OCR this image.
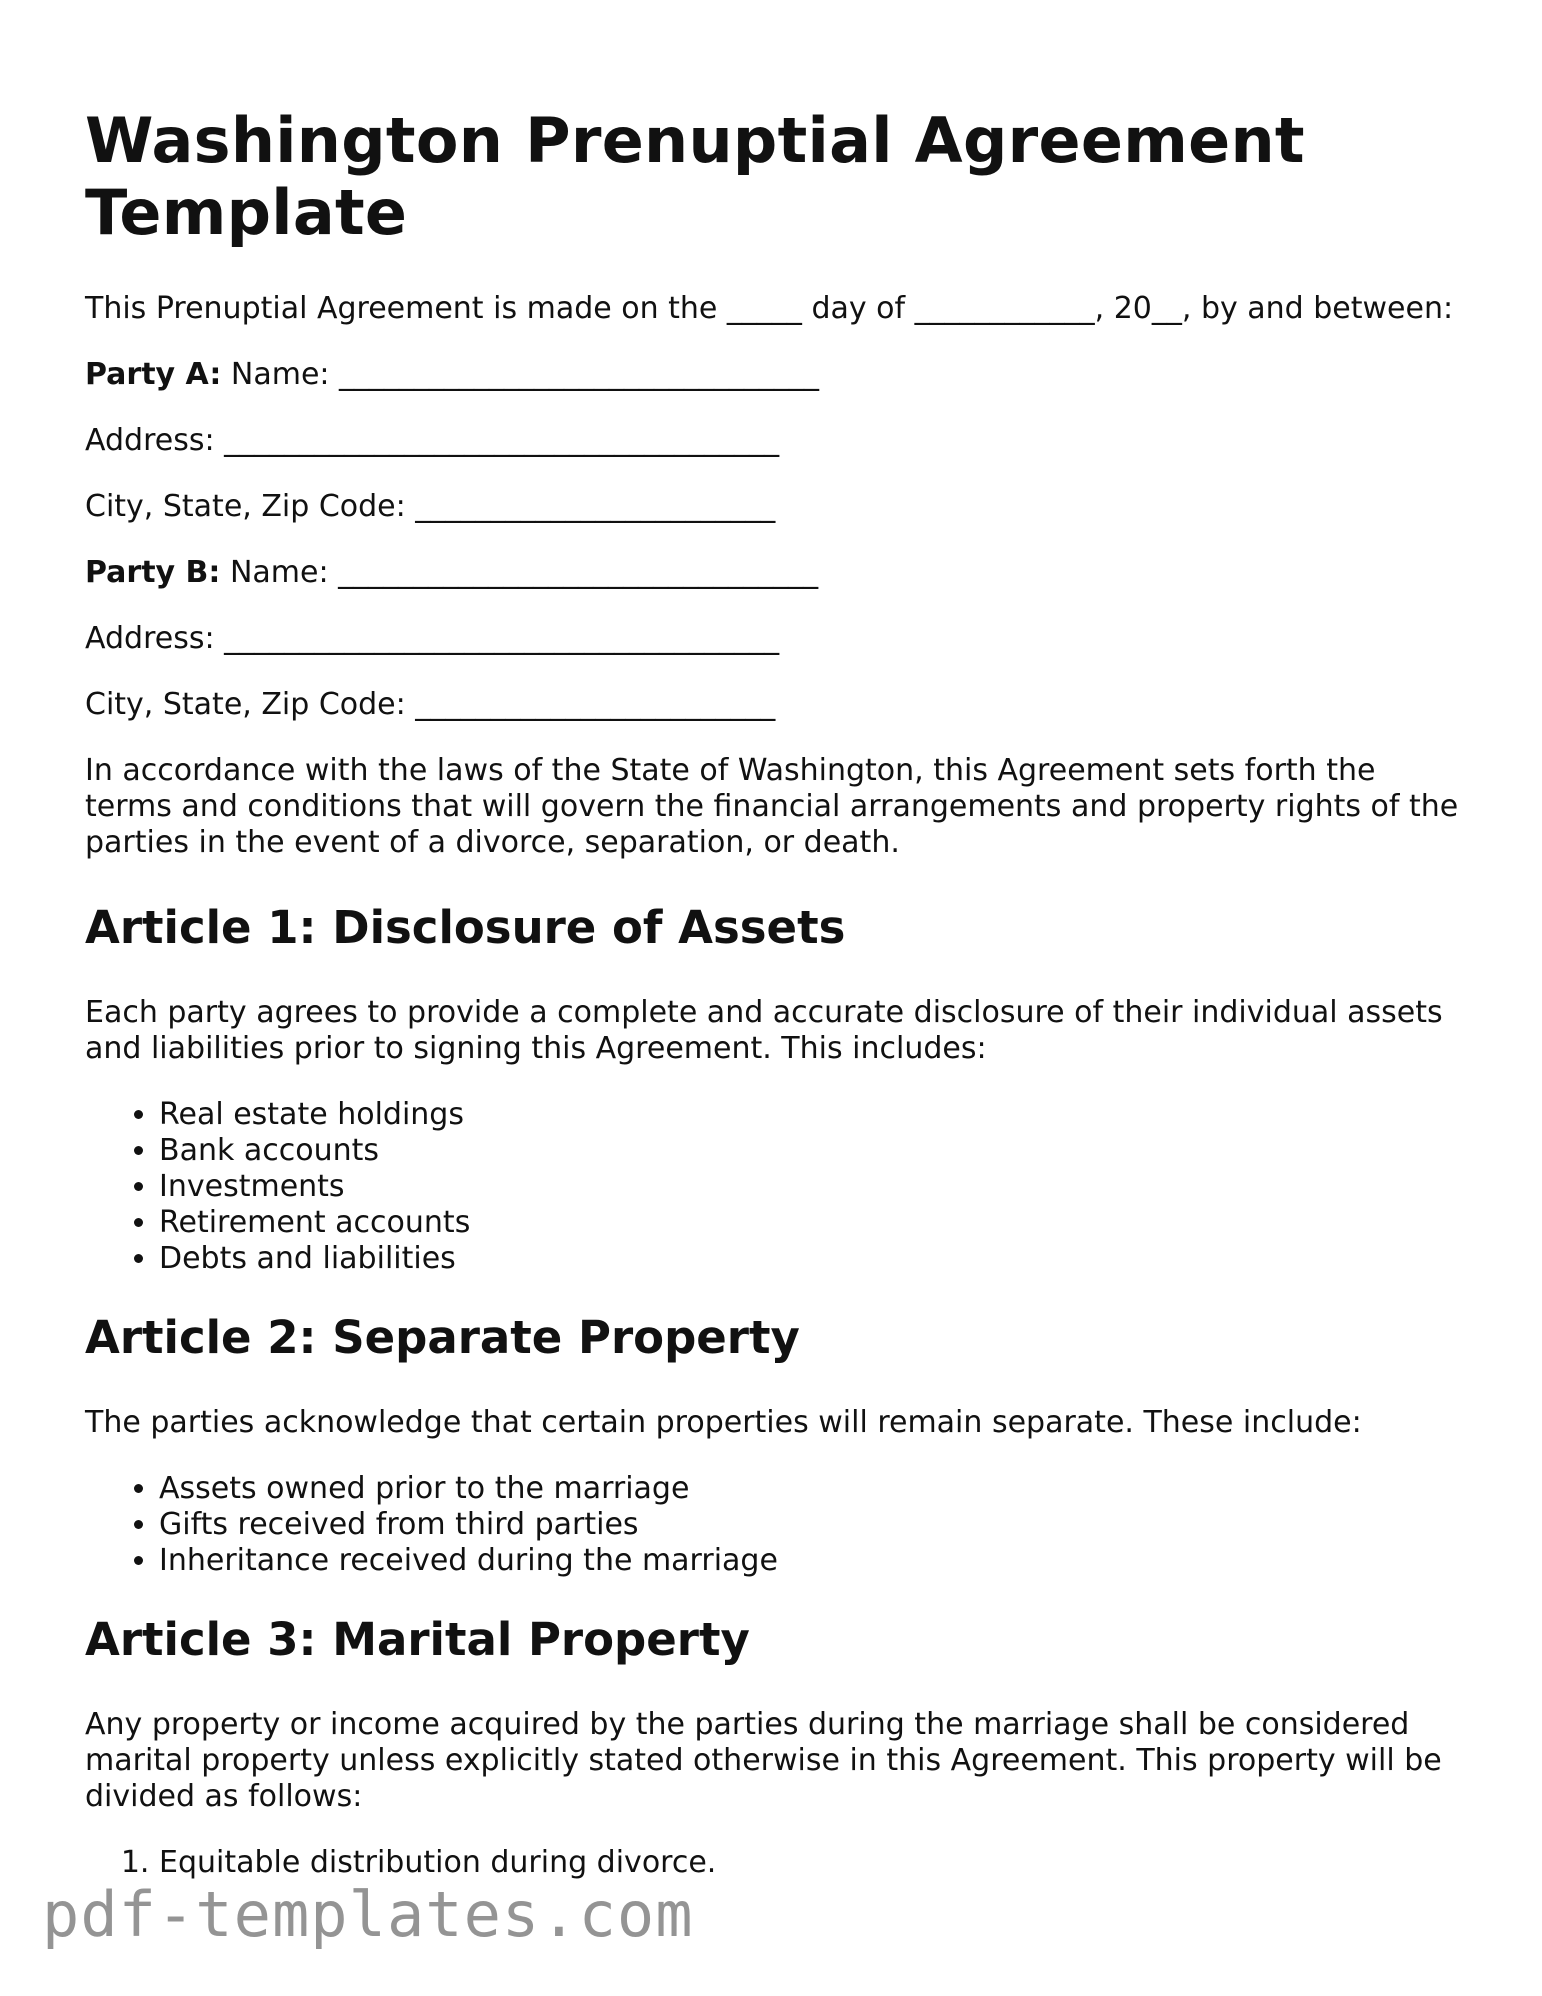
Washington Prenuptial Agreement Template

This Prenuptial Agreement is made on the _____ day of ____________, 20__, by and between:

Party A: Name: ________________________________

Address: _____________________________________

City, State, Zip Code: ________________________

Party B: Name: ________________________________

Address: _____________________________________

City, State, Zip Code: ________________________

In accordance with the laws of the State of Washington, this Agreement sets forth the terms and conditions that will govern the financial arrangements and property rights of the parties in the event of a divorce, separation, or death.

Article 1: Disclosure of Assets

Each party agrees to provide a complete and accurate disclosure of their individual assets and liabilities prior to signing this Agreement. This includes:

• Real estate holdings
• Bank accounts
• Investments
• Retirement accounts
• Debts and liabilities
Article 2: Separate Property

The parties acknowledge that certain properties will remain separate. These include:

• Assets owned prior to the marriage
• Gifts received from third parties
• Inheritance received during the marriage
Article 3: Marital Property

Any property or income acquired by the parties during the marriage shall be considered marital property unless explicitly stated otherwise in this Agreement. This property will be divided as follows:

1. Equitable distribution during divorce.
pdf-templates.com
